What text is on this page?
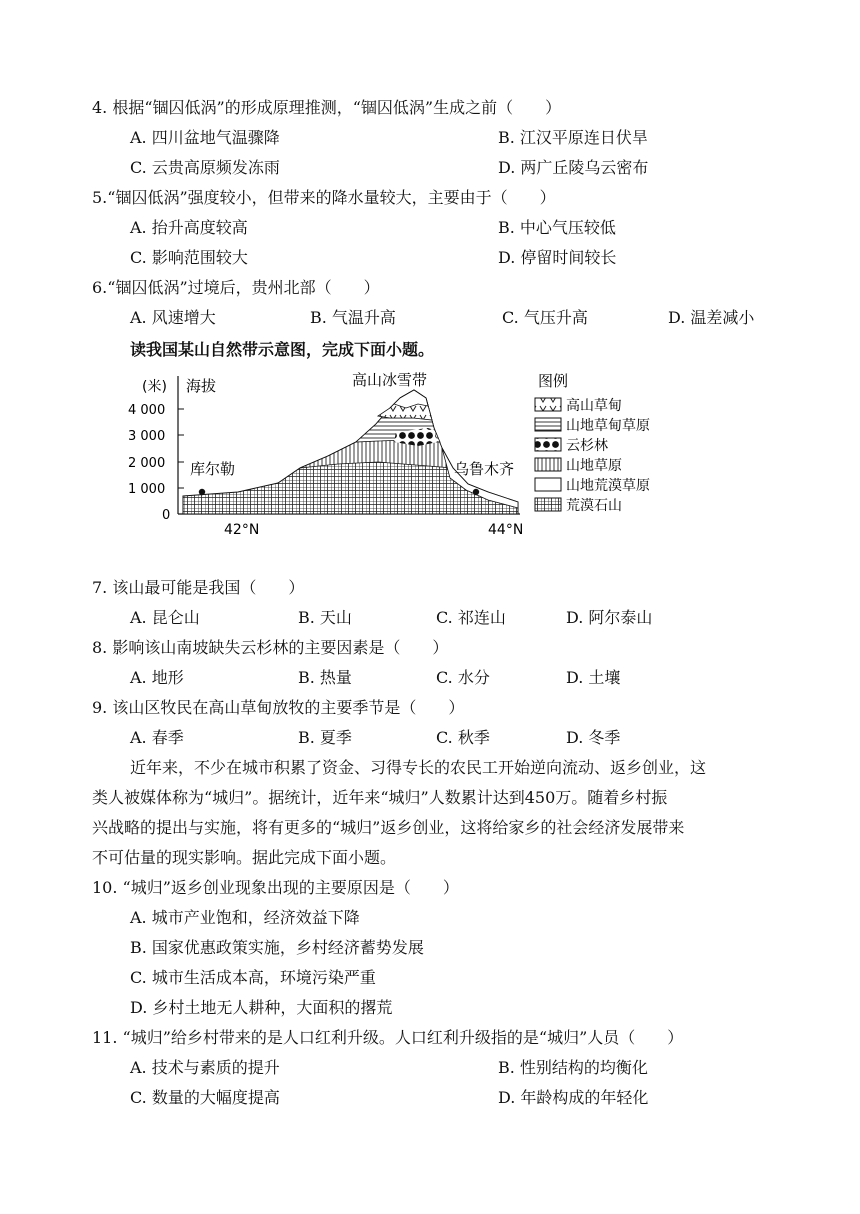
4. 根据“锢囚低涡”的形成原理推测，“锢囚低涡”生成之前（　　）
A. 四川盆地气温骤降	B. 江汉平原连日伏旱
C. 云贵高原频发冻雨	D. 两广丘陵乌云密布
5.“锢囚低涡”强度较小，但带来的降水量较大，主要由于（　　）
A. 抬升高度较高	B. 中心气压较低
C. 影响范围较大	D. 停留时间较长
6.“锢囚低涡”过境后，贵州北部（　　）
A. 风速增大	B. 气温升高	C. 气压升高	D. 温差减小
读我国某山自然带示意图，完成下面小题。
(米) 海拔	高山冰雪带
4 000
3 000
2 000
1 000
0
42°N	44°N
库尔勒	乌鲁木齐
图例
高山草甸
山地草甸草原
云杉林
山地草原
山地荒漠草原
荒漠石山
7. 该山最可能是我国（　　）
A. 昆仑山	B. 天山	C. 祁连山	D. 阿尔泰山
8. 影响该山南坡缺失云杉林的主要因素是（　　）
A. 地形	B. 热量	C. 水分	D. 土壤
9. 该山区牧民在高山草甸放牧的主要季节是（　　）
A. 春季	B. 夏季	C. 秋季	D. 冬季
近年来，不少在城市积累了资金、习得专长的农民工开始逆向流动、返乡创业，这
类人被媒体称为“城归”。据统计，近年来“城归”人数累计达到450万。随着乡村振
兴战略的提出与实施，将有更多的“城归”返乡创业，这将给家乡的社会经济发展带来
不可估量的现实影响。据此完成下面小题。
10. “城归”返乡创业现象出现的主要原因是（　　）
A. 城市产业饱和，经济效益下降
B. 国家优惠政策实施，乡村经济蓄势发展
C. 城市生活成本高，环境污染严重
D. 乡村土地无人耕种，大面积的撂荒
11. “城归”给乡村带来的是人口红利升级。人口红利升级指的是“城归”人员（　　）
A. 技术与素质的提升	B. 性别结构的均衡化
C. 数量的大幅度提高	D. 年龄构成的年轻化
